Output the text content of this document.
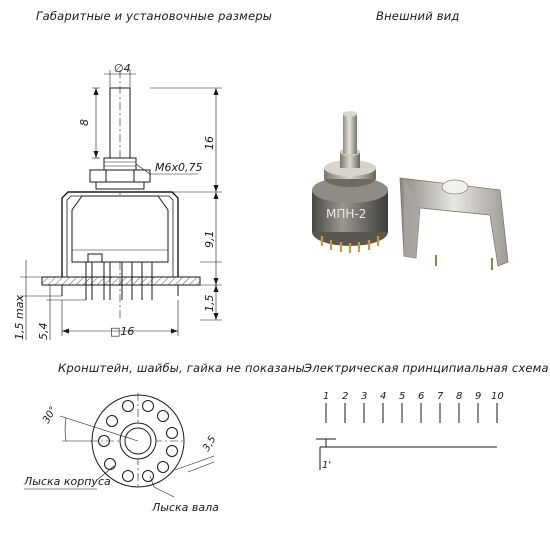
Габаритные и установочные размеры	Внешний вид
Кронштейн, шайбы, гайка не показаны Электрическая принципиальная схема
∅4
8
М6х0,75
16
9,1
1,5
1,5 max 5,4	□16
МПН-2
30°
3,5
Лыска корпуса
Лыска вала
1 2 3 4 5 6 7 8 9 10
1'
